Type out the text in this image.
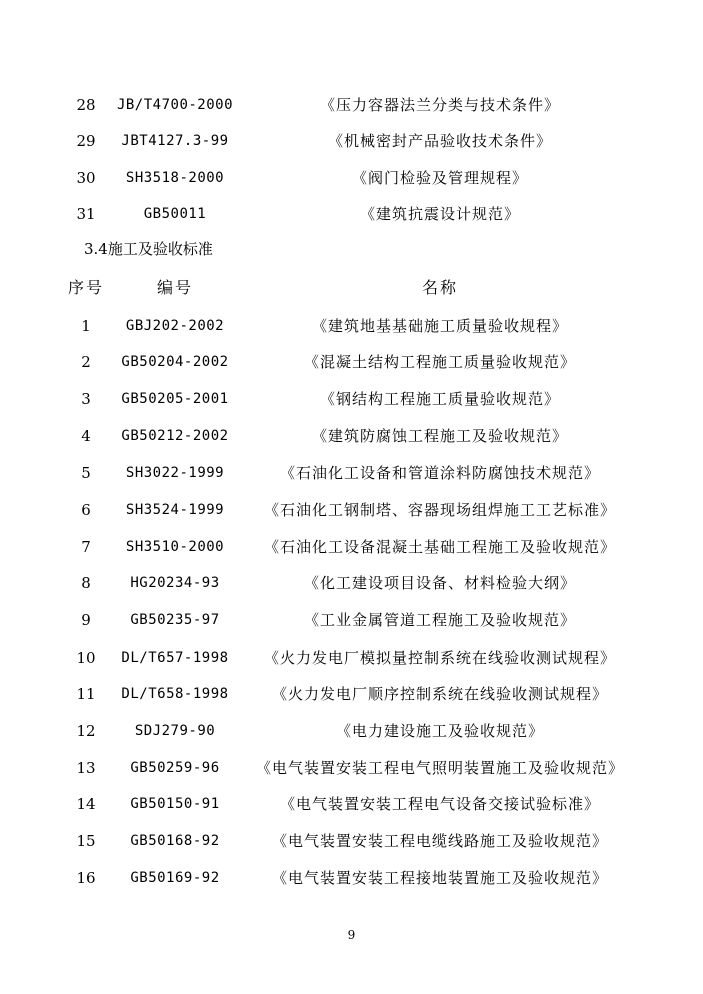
28	JB/T4700-2000	《压力容器法兰分类与技术条件》
29	JBT4127.3-99	《机械密封产品验收技术条件》
30	SH3518-2000	《阀门检验及管理规程》
31	GB50011	《建筑抗震设计规范》
3.4施工及验收标准
序号	编号	名称
1	GBJ202-2002	《建筑地基基础施工质量验收规程》
2	GB50204-2002	《混凝土结构工程施工质量验收规范》
3	GB50205-2001	《钢结构工程施工质量验收规范》
4	GB50212-2002	《建筑防腐蚀工程施工及验收规范》
5	SH3022-1999	《石油化工设备和管道涂料防腐蚀技术规范》
6	SH3524-1999	《石油化工钢制塔、容器现场组焊施工工艺标准》
7	SH3510-2000	《石油化工设备混凝土基础工程施工及验收规范》
8	HG20234-93	《化工建设项目设备、材料检验大纲》
9	GB50235-97	《工业金属管道工程施工及验收规范》
10	DL/T657-1998	《火力发电厂模拟量控制系统在线验收测试规程》
11	DL/T658-1998	《火力发电厂顺序控制系统在线验收测试规程》
12	SDJ279-90	《电力建设施工及验收规范》
13	GB50259-96	《电气装置安装工程电气照明装置施工及验收规范》
14	GB50150-91	《电气装置安装工程电气设备交接试验标准》
15	GB50168-92	《电气装置安装工程电缆线路施工及验收规范》
16	GB50169-92	《电气装置安装工程接地装置施工及验收规范》
9
